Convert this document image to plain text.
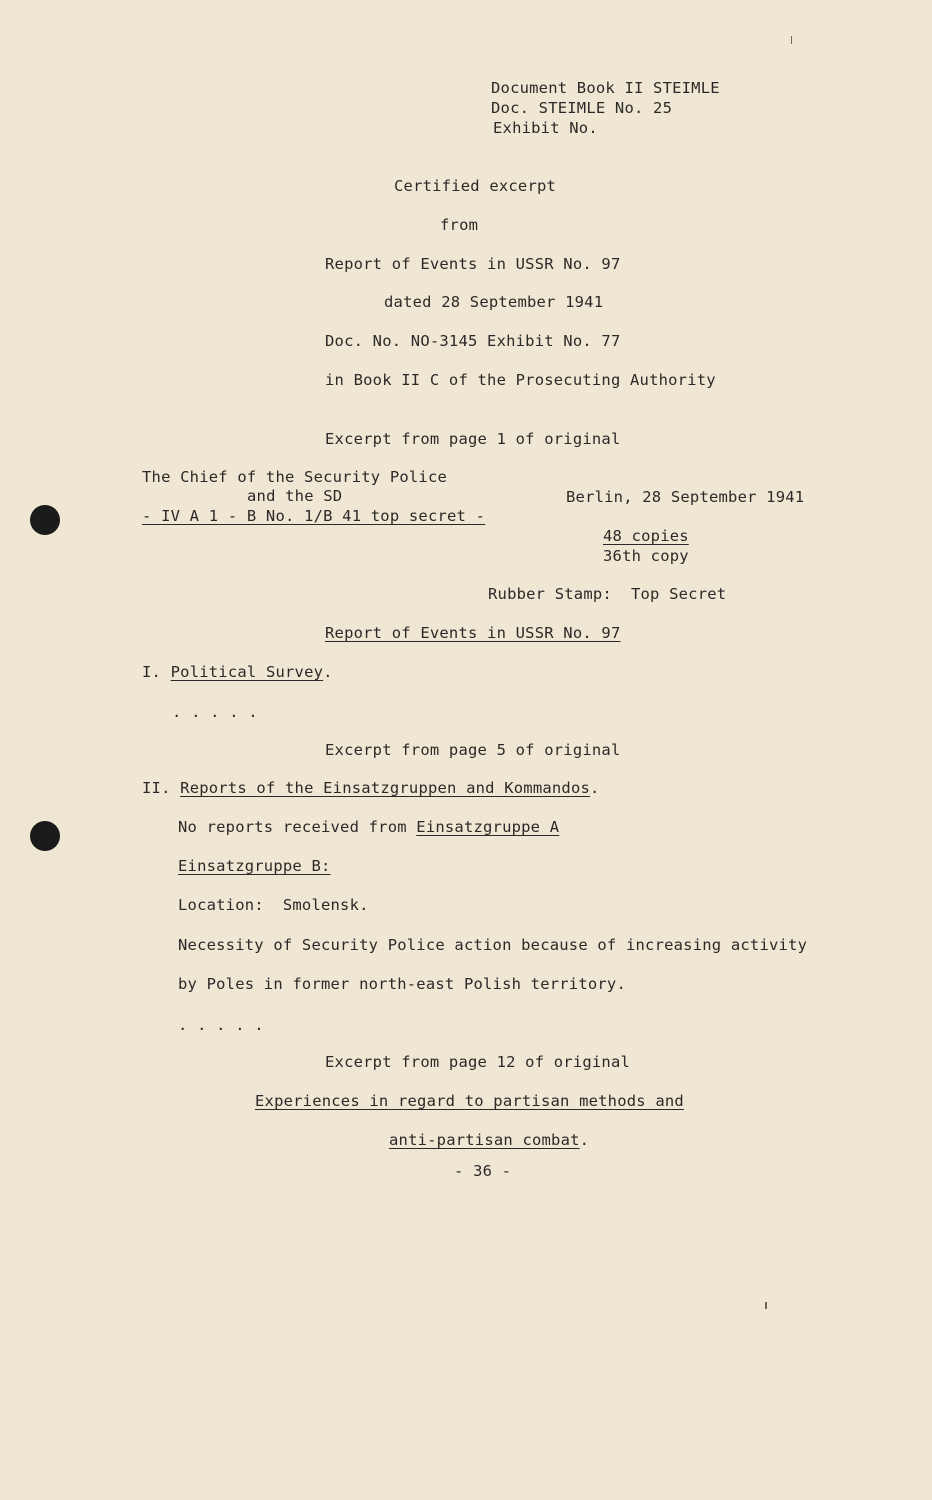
Document Book II STEIMLE
Doc. STEIMLE No. 25
Exhibit No.
Certified excerpt
from
Report of Events in USSR No. 97
dated 28 September 1941
Doc. No. NO-3145 Exhibit No. 77
in Book II C of the Prosecuting Authority
Excerpt from page 1 of original
The Chief of the Security Police
and the SD
- IV A 1 - B No. 1/B 41 top secret -
Berlin, 28 September 1941
48 copies
36th copy
Rubber Stamp:  Top Secret
Report of Events in USSR No. 97
I. Political Survey.
. . . . .
Excerpt from page 5 of original
II. Reports of the Einsatzgruppen and Kommandos.
No reports received from Einsatzgruppe A
Einsatzgruppe B:
Location:  Smolensk.
Necessity of Security Police action because of increasing activity
by Poles in former north-east Polish territory.
. . . . .
Excerpt from page 12 of original
Experiences in regard to partisan methods and
anti-partisan combat.
- 36 -
